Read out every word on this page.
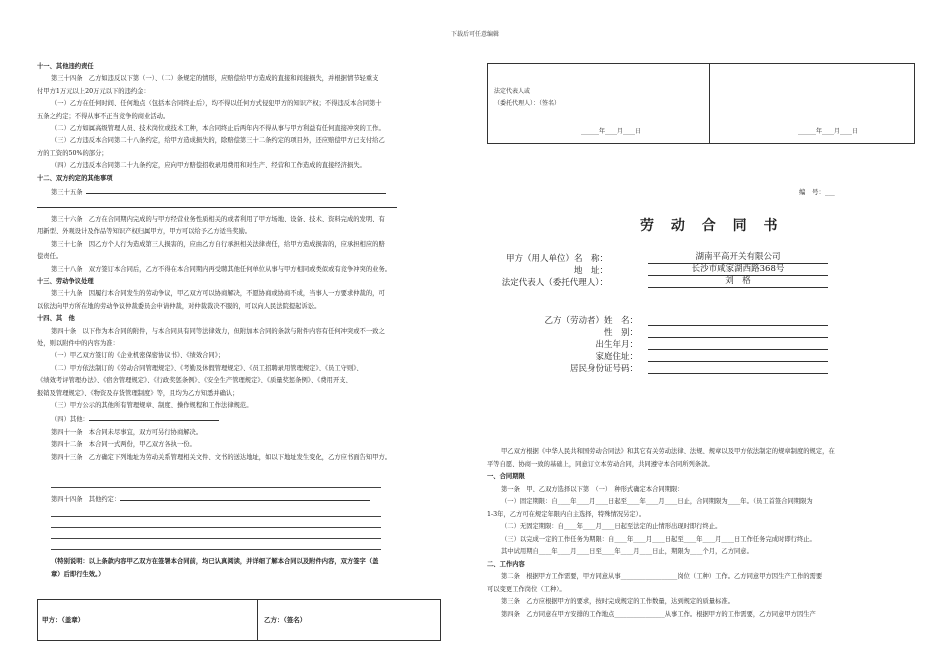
下载后可任意编辑

十一、其他违约责任

第三十四条　乙方如违反以下第（一）、（二）条规定的情形，应赔偿给甲方造成的直接和间接损失，并根据情节轻重支

付甲方1万元以上20万元以下的违约金：

（一）乙方在任何时间、任何地点（包括本合同终止后），均不得以任何方式侵犯甲方的知识产权；不得违反本合同第十

五条之约定；不得从事不正当竞争的商业活动。

（二）乙方如属高级管理人员、技术岗位或技术工种，本合同终止后两年内不得从事与甲方利益有任何直接冲突的工作。

（三）乙方违反本合同第二十八条约定，给甲方造成损失的，除赔偿第三十二条约定的项目外，还应赔偿甲方已支付给乙

方的工资的50%的部分；

（四）乙方违反本合同第二十九条约定，应向甲方赔偿招收录用费用和对生产、经营和工作造成的直接经济损失。

十二、双方约定的其他事项

第三十五条

第三十六条　乙方在合同期内完成的与甲方经营业务性质相关的或者利用了甲方场地、设备、技术、资料完成的发明、有

用新型、外观设计及作品等知识产权归属甲方，甲方可以给予乙方适当奖励。

第三十七条　因乙方个人行为造成第三人损害的，应由乙方自行承担相关法律责任，给甲方造成损害的，应承担相应的赔

偿责任。

第三十八条　双方签订本合同后，乙方不得在本合同期内再受聘其他任何单位从事与甲方相同或类似或有竞争冲突的业务。

十三、劳动争议处理

第三十九条　因履行本合同发生的劳动争议，甲乙双方可以协商解决，不愿协商或协商不成，当事人一方要求仲裁的，可

以依法向甲方所在地的劳动争议仲裁委员会申请仲裁，对仲裁裁决不服的，可以向人民法院提起诉讼。

十四、其　他

第四十条　以下作为本合同的附件，与本合同具有同等法律效力，但附加本合同的条款与附件内容有任何冲突或不一致之

处，则以附件中的内容为准：

（一）甲乙双方签订的《企业机密保密协议书》、《绩效合同》；

（二）甲方依法制订的《劳动合同管理规定》、《考勤及休假管理规定》、《员工招聘录用管理规定》、《员工守则》、

《绩效考评管理办法》、《宿舍管理规定》、《行政奖惩条例》、《安全生产管理规定》、《质量奖惩条例》、《费用开支、

报销及管理规定》、《物资及存货管理制度》等，且均为乙方知悉并确认；

（三）甲方公示的其他所有管理规章、制度、操作规程和工作法律规范。

（四）其他：

第四十一条　本合同未尽事宜，双方可另行协商解决。

第四十二条　本合同一式两份，甲乙双方各执一份。

第四十三条　乙方确定下列地址为劳动关系管理相关文件、文书的送达地址，如以下地址发生变化，乙方应书面告知甲方。

第四十四条　其他约定：

（特别说明：以上条款内容甲乙双方在签署本合同前，均已认真阅读，并详细了解本合同以及附件内容，双方签字（盖

章）后即行生效。）

甲方：（盖章）	乙方：（签名）
法定代表人或
（委托代理人）：（签名）
______年____月____日	______年____月____日
编　号：___
劳 动 合 同 书
甲方（用人单位）名　称：	湖南平高开关有限公司
地　址：	长沙市咸家湖西路368号
法定代表人（委托代理人）：	刘　格
乙方（劳动者）姓　名：
性　别：
出生年月：
家庭住址：
居民身份证号码：

甲乙双方根据《中华人民共和国劳动合同法》和其它有关劳动法律、法规、规章以及甲方依法制定的规章制度的规定，在

平等自愿、协商一致的基础上，同意订立本劳动合同，共同遵守本合同所列条款。

一、合同期限

第一条　甲、乙双方选择以下第　（一）　种形式确定本合同期限：

（一）固定期限：自____年____月____日起至____年____月____日止，合同期限为____年。（员工首签合同期限为

1-3年，乙方可在规定年限内自主选择，特殊情况另定）。

（二）无固定期限：自____年____月____日起至法定的止情形出现时即行终止。

（三）以完成一定的工作任务为期限：自____年____月____日起至____年____月____日工作任务完成时即行终止。

其中试用期自____年____月____日至____年____月____日止，期限为____个月，乙方同意。

二、工作内容

第二条　根据甲方工作需要，甲方同意从事__________________岗位（工种）工作。乙方同意甲方因生产工作的需要

可以变更工作岗位（工种）。

第三条　乙方应根据甲方的要求，按时完成规定的工作数量，达到规定的质量标准。

第四条　乙方同意在甲方安排的工作地点________________从事工作。根据甲方的工作需要，乙方同意甲方因生产
